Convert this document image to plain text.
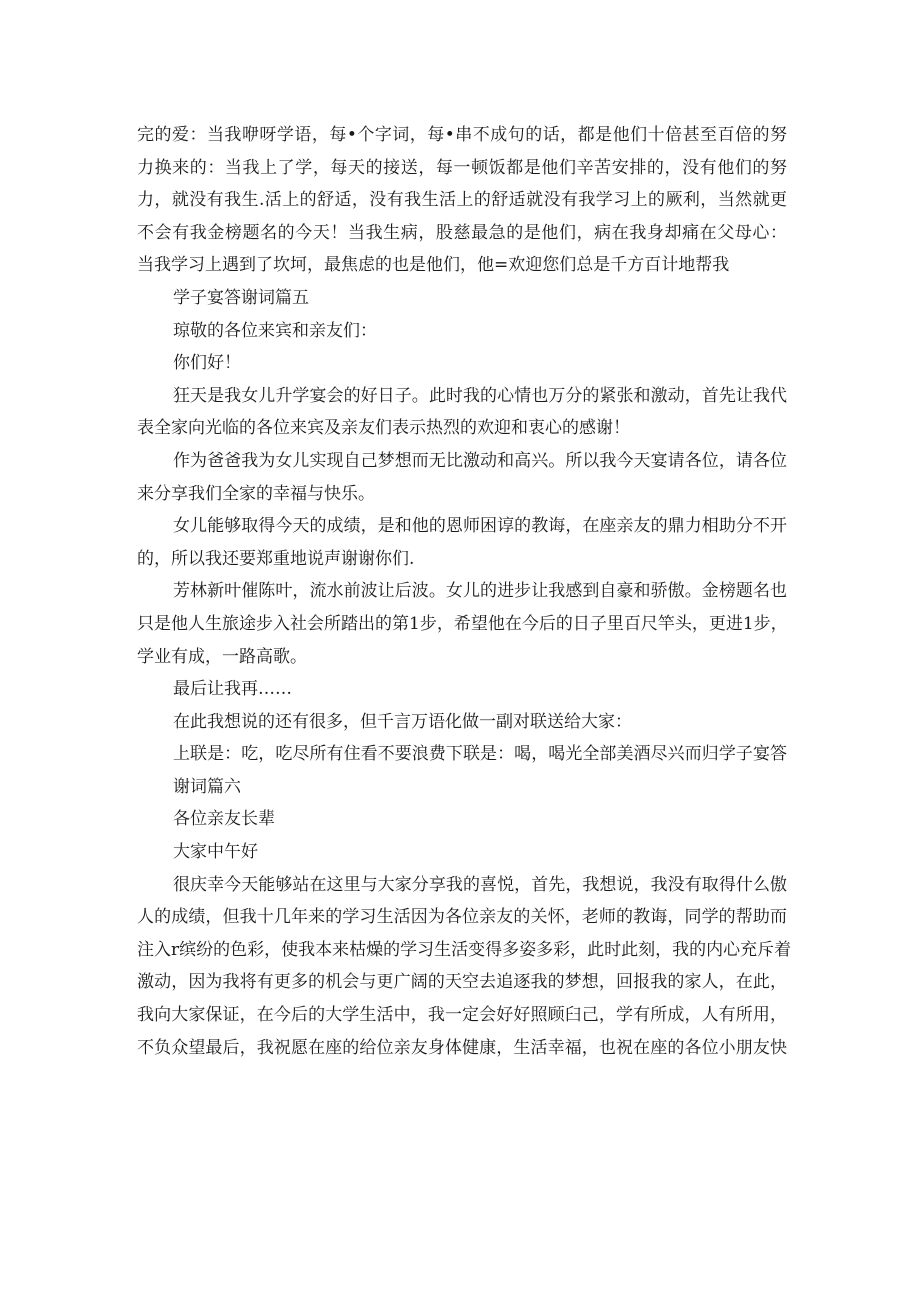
完的爱：当我咿呀学语，每•个字词，每•串不成句的话，都是他们十倍甚至百倍的努
力换来的：当我上了学，每天的接送，每一顿饭都是他们辛苦安排的，没有他们的努
力，就没有我生.活上的舒适，没有我生活上的舒适就没有我学习上的厥利，当然就更
不会有我金榜题名的今天！当我生病，股慈最急的是他们，病在我身却痛在父母心：
当我学习上遇到了坎坷，最焦虑的也是他们，他=欢迎您们总是千方百计地帮我
学子宴答谢词篇五
琼敬的各位来宾和亲友们：
你们好！
狂天是我女儿升学宴会的好日子。此时我的心情也万分的紧张和激动，首先让我代
表全家向光临的各位来宾及亲友们表示热烈的欢迎和衷心的感谢！
作为爸爸我为女儿实现自己梦想而无比激动和高兴。所以我今天宴请各位，请各位
来分享我们全家的幸福与快乐。
女儿能够取得今天的成绩，是和他的恩师困谆的教诲，在座亲友的鼎力相助分不开
的，所以我还要郑重地说声谢谢你们.
芳林新叶催陈叶，流水前波让后波。女儿的进步让我感到自豪和骄傲。金榜题名也
只是他人生旅途步入社会所踏出的第1步，希望他在今后的日子里百尺竿头，更进1步，
学业有成，一路高歌。
最后让我再……
在此我想说的还有很多，但千言万语化做一副对联送给大家：
上联是：吃，吃尽所有住看不要浪费下联是：喝，喝光全部美酒尽兴而归学子宴答
谢词篇六
各位亲友长辈
大家中午好
很庆幸今天能够站在这里与大家分享我的喜悦，首先，我想说，我没有取得什么傲
人的成绩，但我十几年来的学习生活因为各位亲友的关怀，老师的教诲，同学的帮助而
注入r缤纷的色彩，使我本来枯燥的学习生活变得多姿多彩，此时此刻，我的内心充斥着
激动，因为我将有更多的机会与更广阔的天空去追逐我的梦想，回报我的家人，在此，
我向大家保证，在今后的大学生活中，我一定会好好照顾臼己，学有所成，人有所用，
不负众望最后，我祝愿在座的给位亲友身体健康，生活幸福，也祝在座的各位小朋友快
